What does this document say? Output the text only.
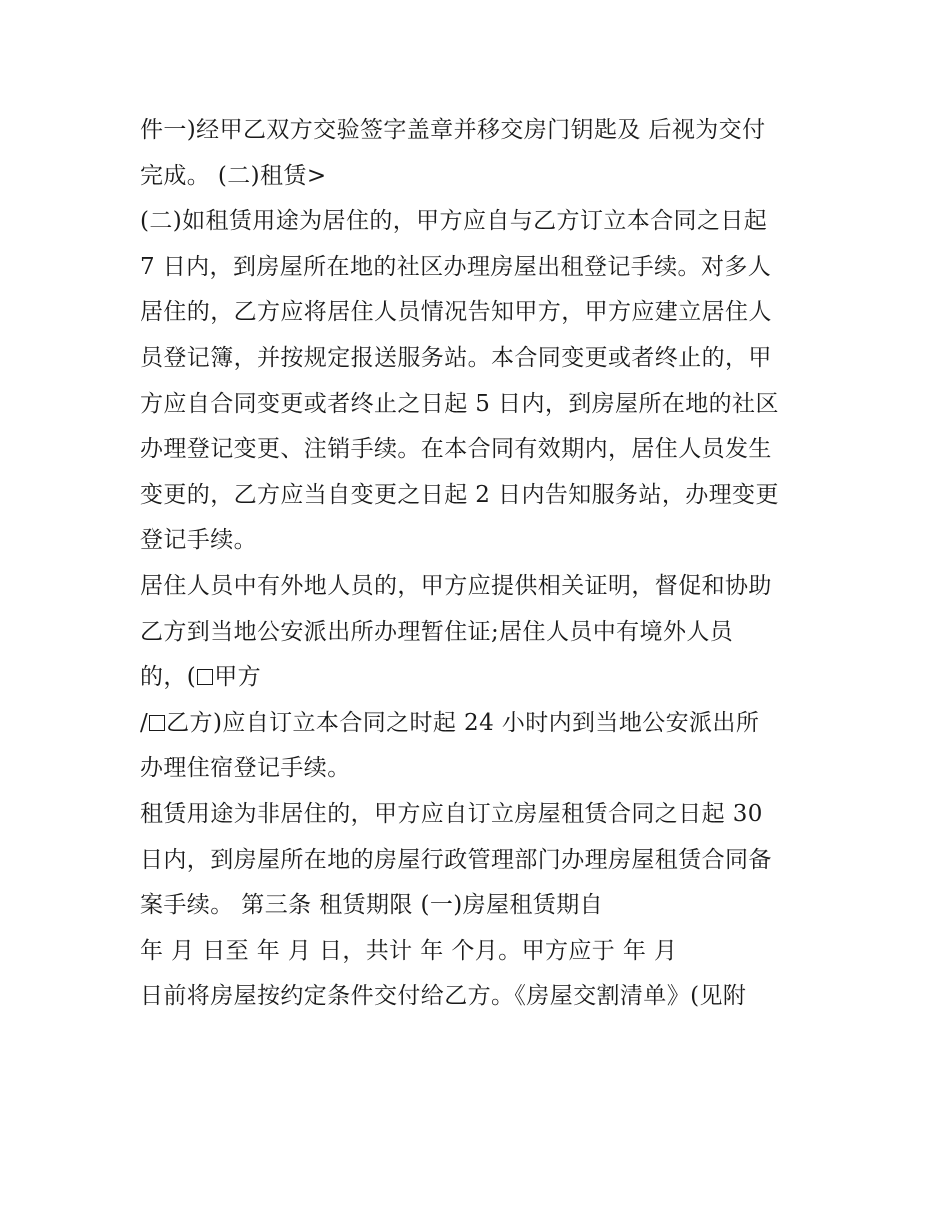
件一)经甲乙双方交验签字盖章并移交房门钥匙及 后视为交付
完成。 (二)租赁>
(二)如租赁用途为居住的，甲方应自与乙方订立本合同之日起
7 日内，到房屋所在地的社区办理房屋出租登记手续。对多人
居住的，乙方应将居住人员情况告知甲方，甲方应建立居住人
员登记簿，并按规定报送服务站。本合同变更或者终止的，甲
方应自合同变更或者终止之日起 5 日内，到房屋所在地的社区
办理登记变更、注销手续。在本合同有效期内，居住人员发生
变更的，乙方应当自变更之日起 2 日内告知服务站，办理变更
登记手续。
居住人员中有外地人员的，甲方应提供相关证明，督促和协助
乙方到当地公安派出所办理暂住证;居住人员中有境外人员
的，( 甲方
/ 乙方)应自订立本合同之时起 24 小时内到当地公安派出所
办理住宿登记手续。
租赁用途为非居住的，甲方应自订立房屋租赁合同之日起 30
日内，到房屋所在地的房屋行政管理部门办理房屋租赁合同备
案手续。 第三条 租赁期限 (一)房屋租赁期自
年 月 日至 年 月 日，共计 年 个月。甲方应于 年 月
日前将房屋按约定条件交付给乙方。《房屋交割清单》(见附
